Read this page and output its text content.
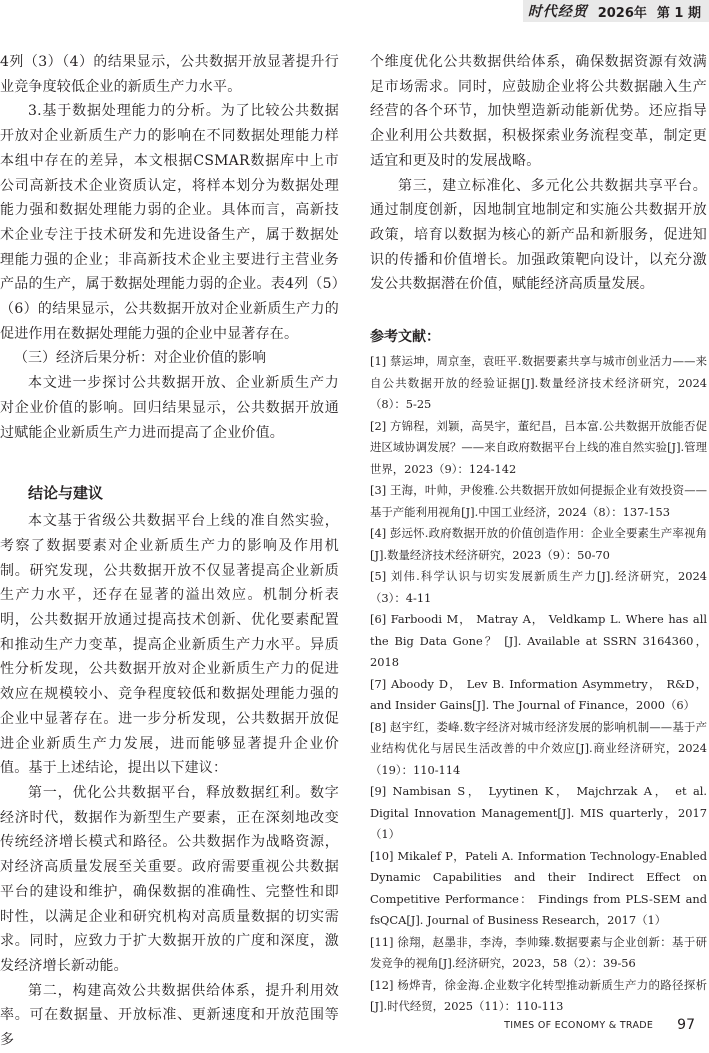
时代经贸 2026年 第 1 期

4列（3）（4）的结果显示，公共数据开放显著提升行业竞争度较低企业的新质生产力水平。

3.基于数据处理能力的分析。为了比较公共数据开放对企业新质生产力的影响在不同数据处理能力样本组中存在的差异，本文根据CSMAR数据库中上市公司高新技术企业资质认定，将样本划分为数据处理能力强和数据处理能力弱的企业。具体而言，高新技术企业专注于技术研发和先进设备生产，属于数据处理能力强的企业；非高新技术企业主要进行主营业务产品的生产，属于数据处理能力弱的企业。表4列（5）（6）的结果显示，公共数据开放对企业新质生产力的促进作用在数据处理能力强的企业中显著存在。

（三）经济后果分析：对企业价值的影响

本文进一步探讨公共数据开放、企业新质生产力对企业价值的影响。回归结果显示，公共数据开放通过赋能企业新质生产力进而提高了企业价值。

结论与建议

本文基于省级公共数据平台上线的准自然实验，考察了数据要素对企业新质生产力的影响及作用机制。研究发现，公共数据开放不仅显著提高企业新质生产力水平，还存在显著的溢出效应。机制分析表明，公共数据开放通过提高技术创新、优化要素配置和推动生产力变革，提高企业新质生产力水平。异质性分析发现，公共数据开放对企业新质生产力的促进效应在规模较小、竞争程度较低和数据处理能力强的企业中显著存在。进一步分析发现，公共数据开放促进企业新质生产力发展，进而能够显著提升企业价值。基于上述结论，提出以下建议：

第一，优化公共数据平台，释放数据红利。数字经济时代，数据作为新型生产要素，正在深刻地改变传统经济增长模式和路径。公共数据作为战略资源，对经济高质量发展至关重要。政府需要重视公共数据平台的建设和维护，确保数据的准确性、完整性和即时性，以满足企业和研究机构对高质量数据的切实需求。同时，应致力于扩大数据开放的广度和深度，激发经济增长新动能。

第二，构建高效公共数据供给体系，提升利用效率。可在数据量、开放标准、更新速度和开放范围等多

个维度优化公共数据供给体系，确保数据资源有效满足市场需求。同时，应鼓励企业将公共数据融入生产经营的各个环节，加快塑造新动能新优势。还应指导企业利用公共数据，积极探索业务流程变革，制定更适宜和更及时的发展战略。

第三，建立标准化、多元化公共数据共享平台。通过制度创新，因地制宜地制定和实施公共数据开放政策，培育以数据为核心的新产品和新服务，促进知识的传播和价值增长。加强政策靶向设计，以充分激发公共数据潜在价值，赋能经济高质量发展。

参考文献：
[1] 蔡运坤，周京奎，袁旺平.数据要素共享与城市创业活力——来自公共数据开放的经验证据[J].数量经济技术经济研究，2024（8）：5-25
[2] 方锦程，刘颖，高昊宇，董纪昌，吕本富.公共数据开放能否促进区域协调发展？——来自政府数据平台上线的准自然实验[J].管理世界，2023（9）：124-142
[3] 王海，叶帅，尹俊雅.公共数据开放如何提振企业有效投资——基于产能利用视角[J].中国工业经济，2024（8）：137-153
[4] 彭远怀.政府数据开放的价值创造作用：企业全要素生产率视角[J].数量经济技术经济研究，2023（9）：50-70
[5] 刘伟.科学认识与切实发展新质生产力[J].经济研究，2024（3）：4-11
[6] Farboodi M， Matray A， Veldkamp L. Where has all the Big Data Gone？ [J]. Available at SSRN 3164360， 2018
[7] Aboody D， Lev B. Information Asymmetry， R&D， and Insider Gains[J]. The Journal of Finance，2000（6）
[8] 赵宇红，娄峰.数字经济对城市经济发展的影响机制——基于产业结构优化与居民生活改善的中介效应[J].商业经济研究，2024（19）：110-114
[9] Nambisan S， Lyytinen K， Majchrzak A， et al. Digital Innovation Management[J]. MIS quarterly，2017（1）
[10] Mikalef P，Pateli A. Information Technology-Enabled Dynamic Capabilities and their Indirect Effect on Competitive Performance： Findings from PLS-SEM and fsQCA[J]. Journal of Business Research，2017（1）
[11] 徐翔，赵墨非，李涛，李帅臻.数据要素与企业创新：基于研发竞争的视角[J].经济研究，2023，58（2）：39-56
[12] 杨烨青，徐金海.企业数字化转型推动新质生产力的路径探析[J].时代经贸，2025（11）：110-113
TIMES OF ECONOMY & TRADE 97
